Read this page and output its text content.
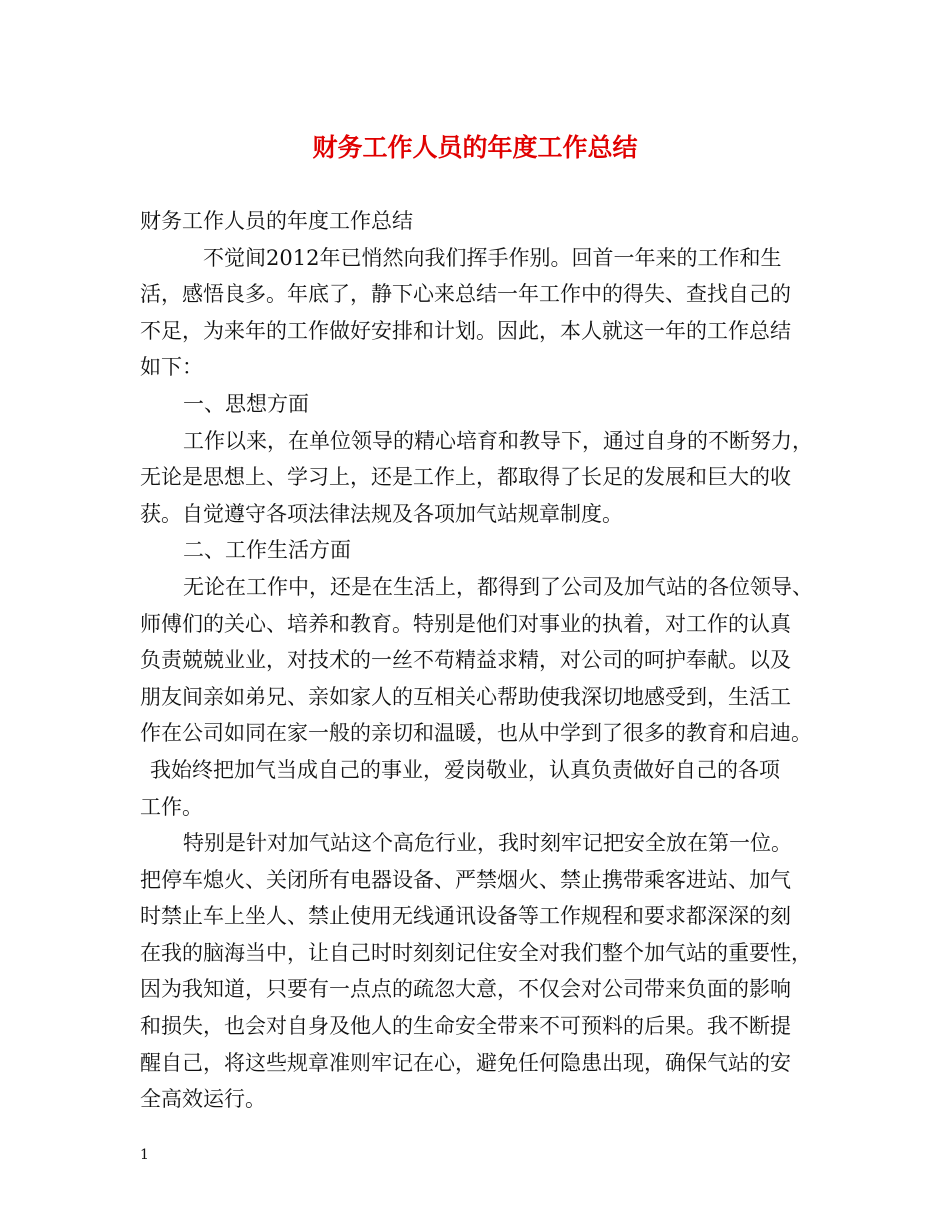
财务工作人员的年度工作总结
财务工作人员的年度工作总结
不觉间2012年已悄然向我们挥手作别。回首一年来的工作和生
活，感悟良多。年底了，静下心来总结一年工作中的得失、查找自己的
不足，为来年的工作做好安排和计划。因此，本人就这一年的工作总结
如下：
一、思想方面
工作以来，在单位领导的精心培育和教导下，通过自身的不断努力，
无论是思想上、学习上，还是工作上，都取得了长足的发展和巨大的收
获。自觉遵守各项法律法规及各项加气站规章制度。
二、工作生活方面
无论在工作中，还是在生活上，都得到了公司及加气站的各位领导、
师傅们的关心、培养和教育。特别是他们对事业的执着，对工作的认真
负责兢兢业业，对技术的一丝不苟精益求精，对公司的呵护奉献。以及
朋友间亲如弟兄、亲如家人的互相关心帮助使我深切地感受到，生活工
作在公司如同在家一般的亲切和温暖，也从中学到了很多的教育和启迪。
我始终把加气当成自己的事业，爱岗敬业，认真负责做好自己的各项
工作。
特别是针对加气站这个高危行业，我时刻牢记把安全放在第一位。
把停车熄火、关闭所有电器设备、严禁烟火、禁止携带乘客进站、加气
时禁止车上坐人、禁止使用无线通讯设备等工作规程和要求都深深的刻
在我的脑海当中，让自己时时刻刻记住安全对我们整个加气站的重要性，
因为我知道，只要有一点点的疏忽大意，不仅会对公司带来负面的影响
和损失，也会对自身及他人的生命安全带来不可预料的后果。我不断提
醒自己，将这些规章准则牢记在心，避免任何隐患出现，确保气站的安
全高效运行。
1
